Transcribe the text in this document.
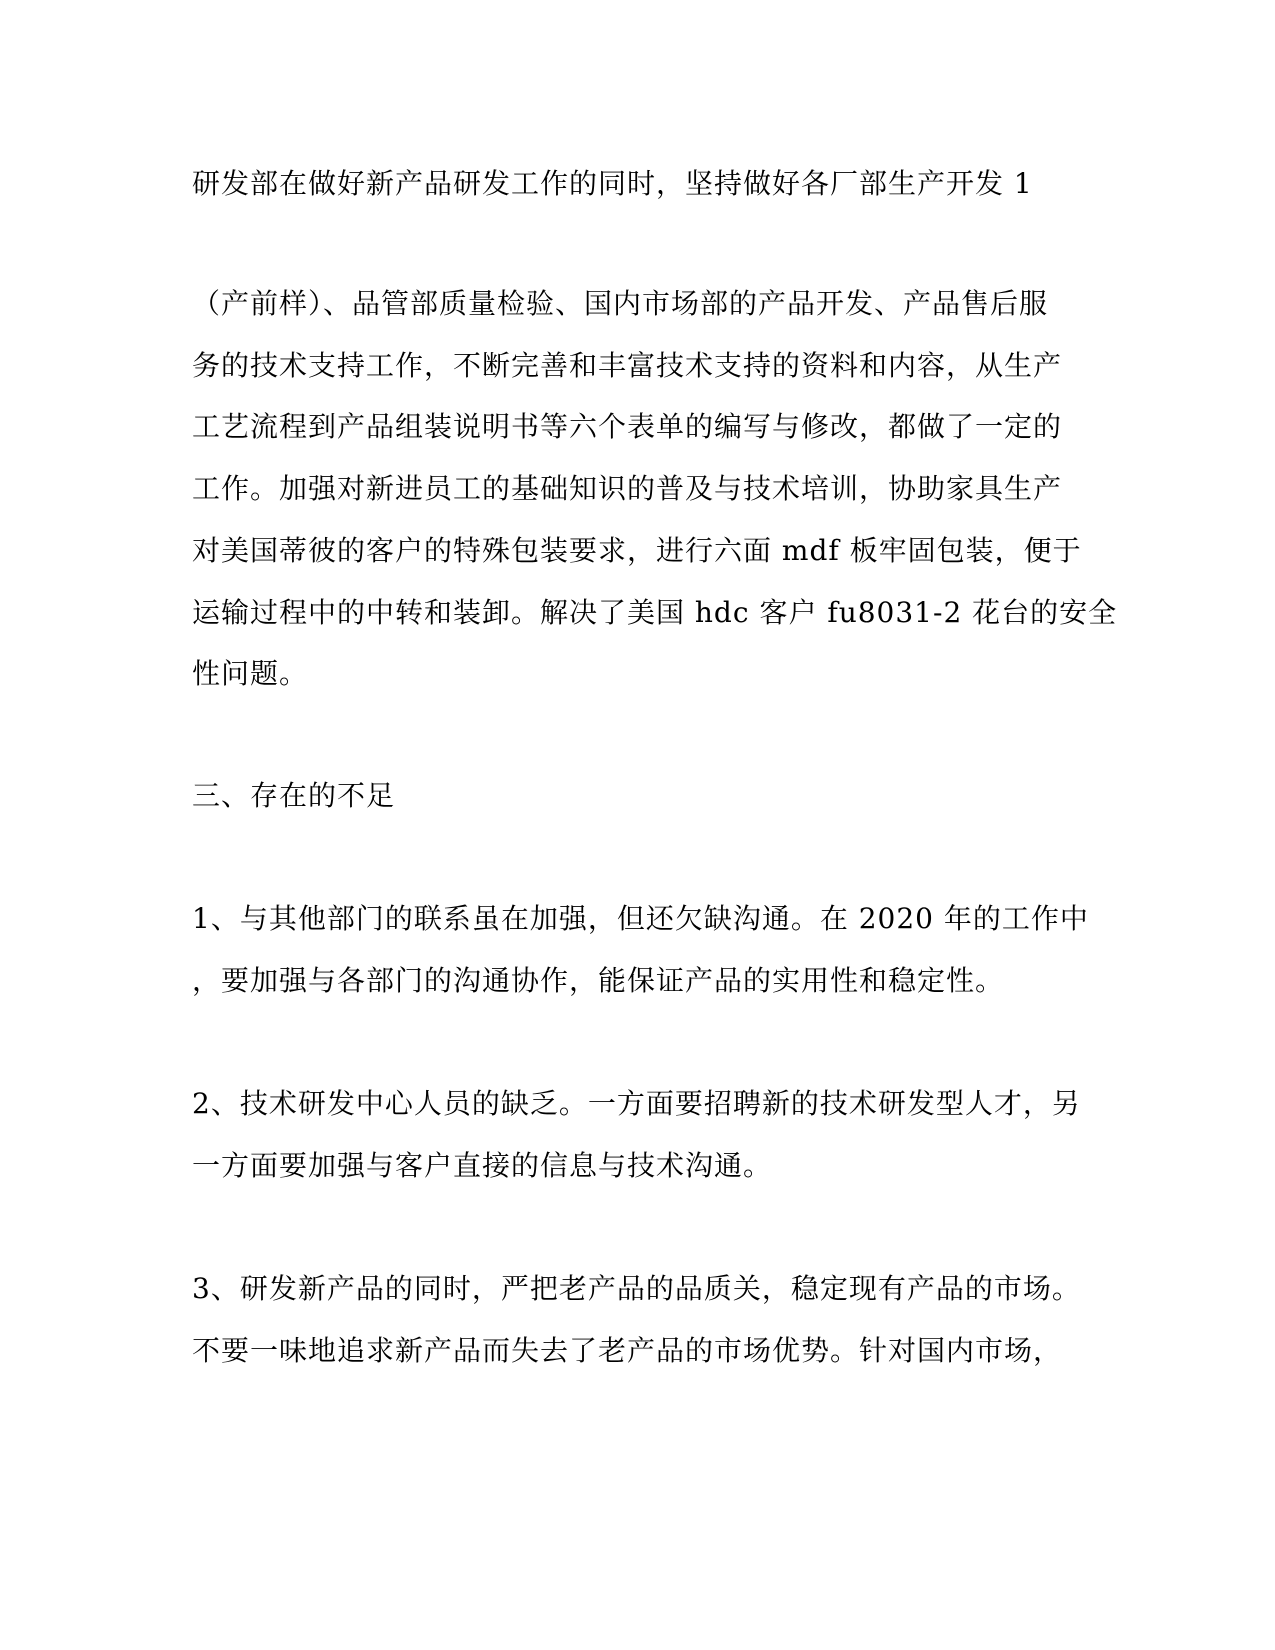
研发部在做好新产品研发工作的同时，坚持做好各厂部生产开发 1
（产前样）、品管部质量检验、国内市场部的产品开发、产品售后服
务的技术支持工作，不断完善和丰富技术支持的资料和内容，从生产
工艺流程到产品组装说明书等六个表单的编写与修改，都做了一定的
工作。加强对新进员工的基础知识的普及与技术培训，协助家具生产
对美国蒂彼的客户的特殊包装要求，进行六面 mdf 板牢固包装，便于
运输过程中的中转和装卸。解决了美国 hdc 客户 fu8031-2 花台的安全
性问题。
三、存在的不足
1、与其他部门的联系虽在加强，但还欠缺沟通。在 2020 年的工作中
，要加强与各部门的沟通协作，能保证产品的实用性和稳定性。
2、技术研发中心人员的缺乏。一方面要招聘新的技术研发型人才，另
一方面要加强与客户直接的信息与技术沟通。
3、研发新产品的同时，严把老产品的品质关，稳定现有产品的市场。
不要一味地追求新产品而失去了老产品的市场优势。针对国内市场，
